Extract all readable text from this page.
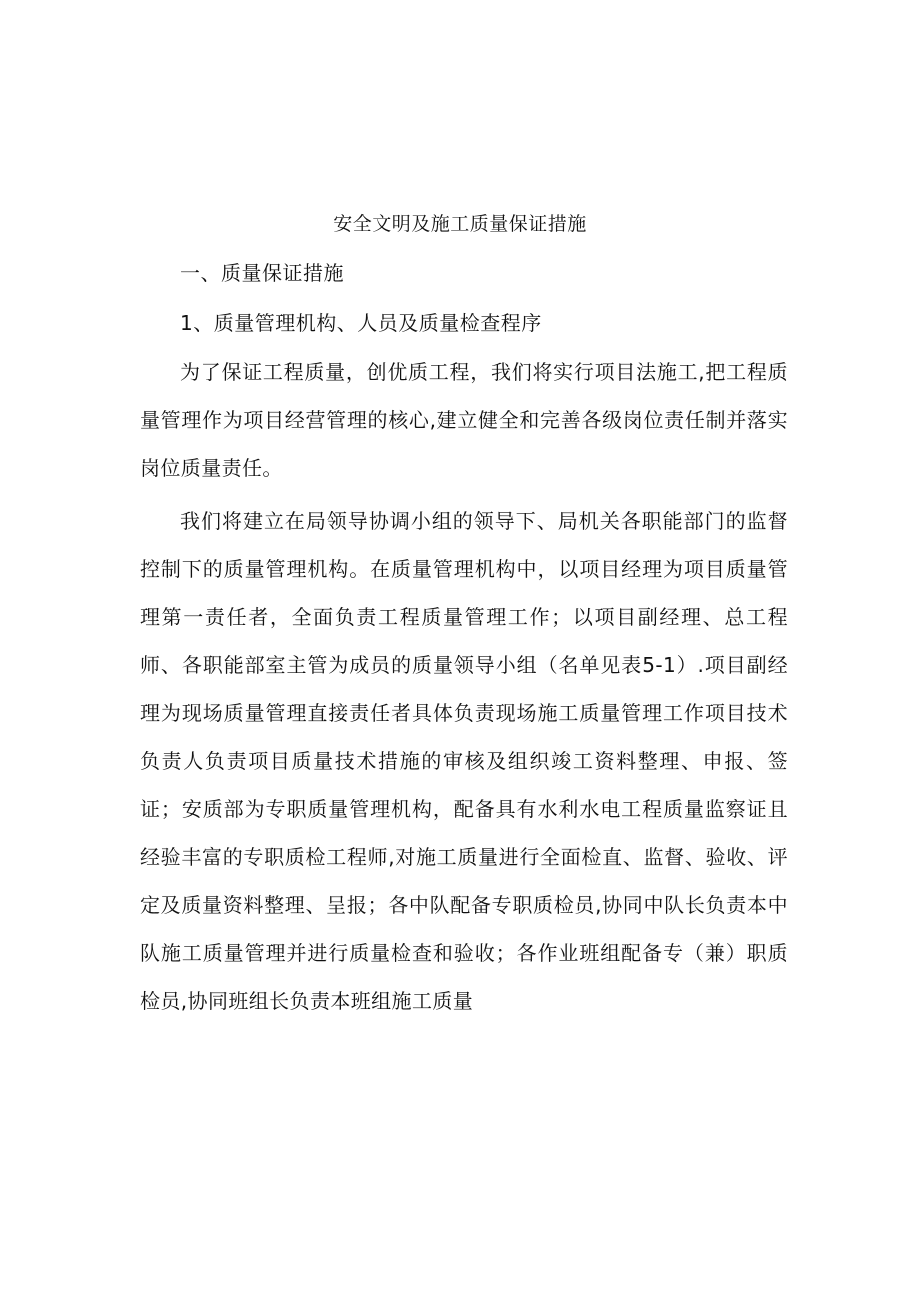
安全文明及施工质量保证措施
一、质量保证措施
1、质量管理机构、人员及质量检查程序

为了保证工程质量，创优质工程，我们将实行项目法施工,把工程质量管理作为项目经营管理的核心,建立健全和完善各级岗位责任制并落实岗位质量责任。

我们将建立在局领导协调小组的领导下、局机关各职能部门的监督控制下的质量管理机构。在质量管理机构中，以项目经理为项目质量管理第一责任者，全面负责工程质量管理工作；以项目副经理、总工程师、各职能部室主管为成员的质量领导小组（名单见表5-1）.项目副经理为现场质量管理直接责任者具体负责现场施工质量管理工作项目技术负责人负责项目质量技术措施的审核及组织竣工资料整理、申报、签证；安质部为专职质量管理机构，配备具有水利水电工程质量监察证且经验丰富的专职质检工程师,对施工质量进行全面检直、监督、验收、评定及质量资料整理、呈报；各中队配备专职质检员,协同中队长负责本中队施工质量管理并进行质量检查和验收；各作业班组配备专（兼）职质检员,协同班组长负责本班组施工质量
